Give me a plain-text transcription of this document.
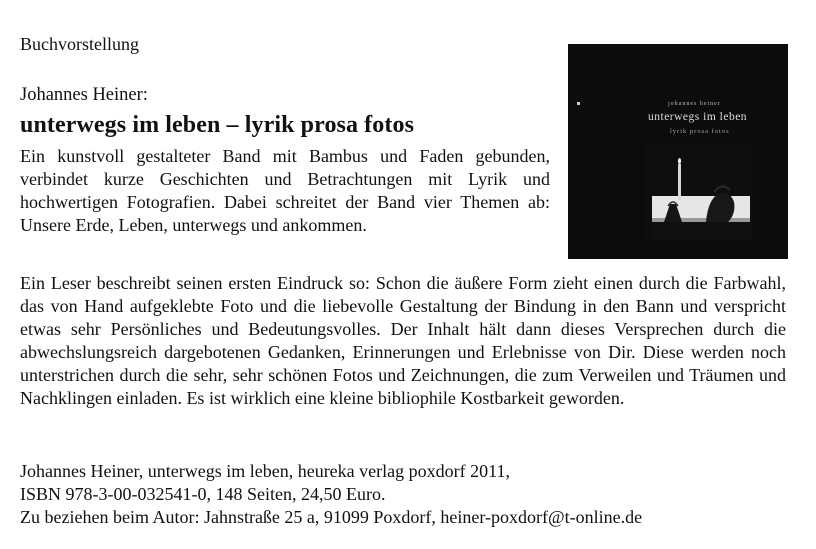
Buchvorstellung
Johannes Heiner:
unterwegs im leben – lyrik prosa fotos
Ein kunstvoll gestalteter Band mit Bambus und Faden gebunden, verbindet kurze Geschichten und Betrachtungen mit Lyrik und hochwertigen Fotografien. Dabei schreitet der Band vier Themen ab: Unsere Erde, Leben, unterwegs und ankommen.
johannes heiner
unterwegs im leben
lyrik prosa fotos
Ein Leser beschreibt seinen ersten Eindruck so: Schon die äußere Form zieht einen durch die Farbwahl, das von Hand aufgeklebte Foto und die liebevolle Gestaltung der Bindung in den Bann und verspricht etwas sehr Persönliches und Bedeutungsvolles. Der Inhalt hält dann dieses Versprechen durch die abwechslungsreich dargebotenen Gedanken, Erinnerungen und Erlebnisse von Dir. Diese werden noch unterstrichen durch die sehr, sehr schönen Fotos und Zeichnungen, die zum Verweilen und Träumen und Nachklingen einladen. Es ist wirklich eine kleine bibliophile Kostbarkeit geworden.
Johannes Heiner, unterwegs im leben, heureka verlag poxdorf 2011,
ISBN 978-3-00-032541-0, 148 Seiten, 24,50 Euro.
Zu beziehen beim Autor: Jahnstraße 25 a, 91099 Poxdorf, heiner-poxdorf@t-online.de
